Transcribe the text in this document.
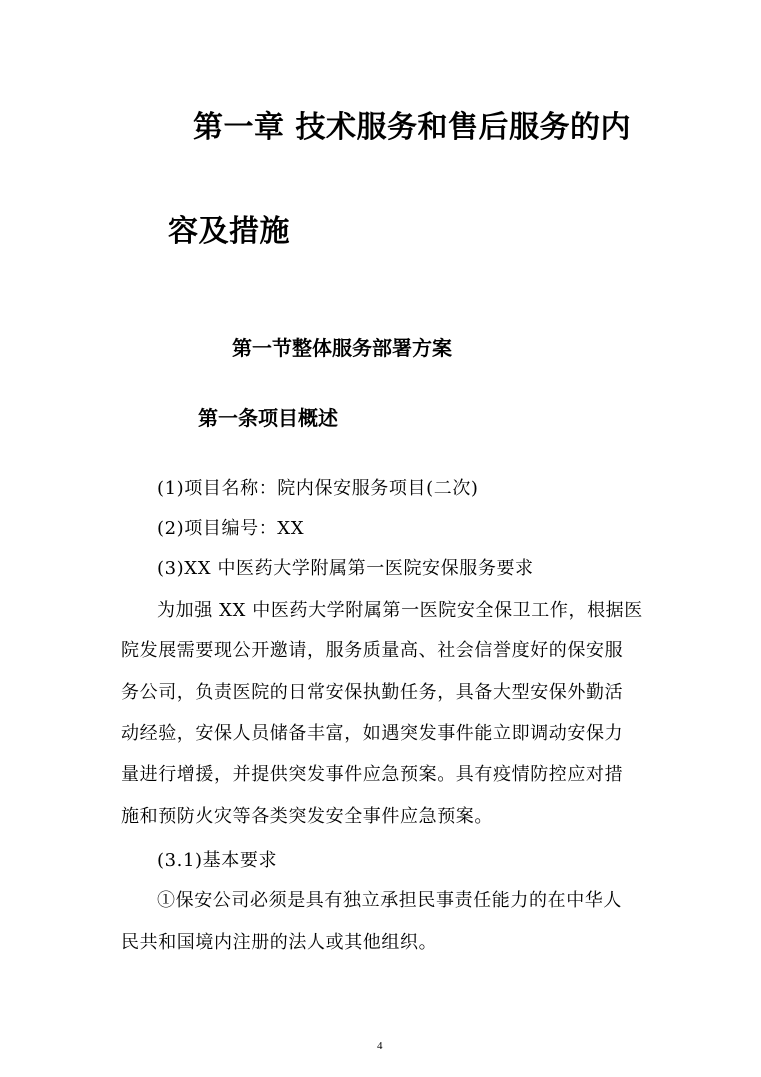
第一章 技术服务和售后服务的内
容及措施
第一节整体服务部署方案
第一条项目概述
(1)项目名称：院内保安服务项目(二次)
(2)项目编号：XX
(3)XX 中医药大学附属第一医院安保服务要求
为加强 XX 中医药大学附属第一医院安全保卫工作，根据医
院发展需要现公开邀请，服务质量高、社会信誉度好的保安服
务公司，负责医院的日常安保执勤任务，具备大型安保外勤活
动经验，安保人员储备丰富，如遇突发事件能立即调动安保力
量进行增援，并提供突发事件应急预案。具有疫情防控应对措
施和预防火灾等各类突发安全事件应急预案。
(3.1)基本要求
①保安公司必须是具有独立承担民事责任能力的在中华人
民共和国境内注册的法人或其他组织。
4
